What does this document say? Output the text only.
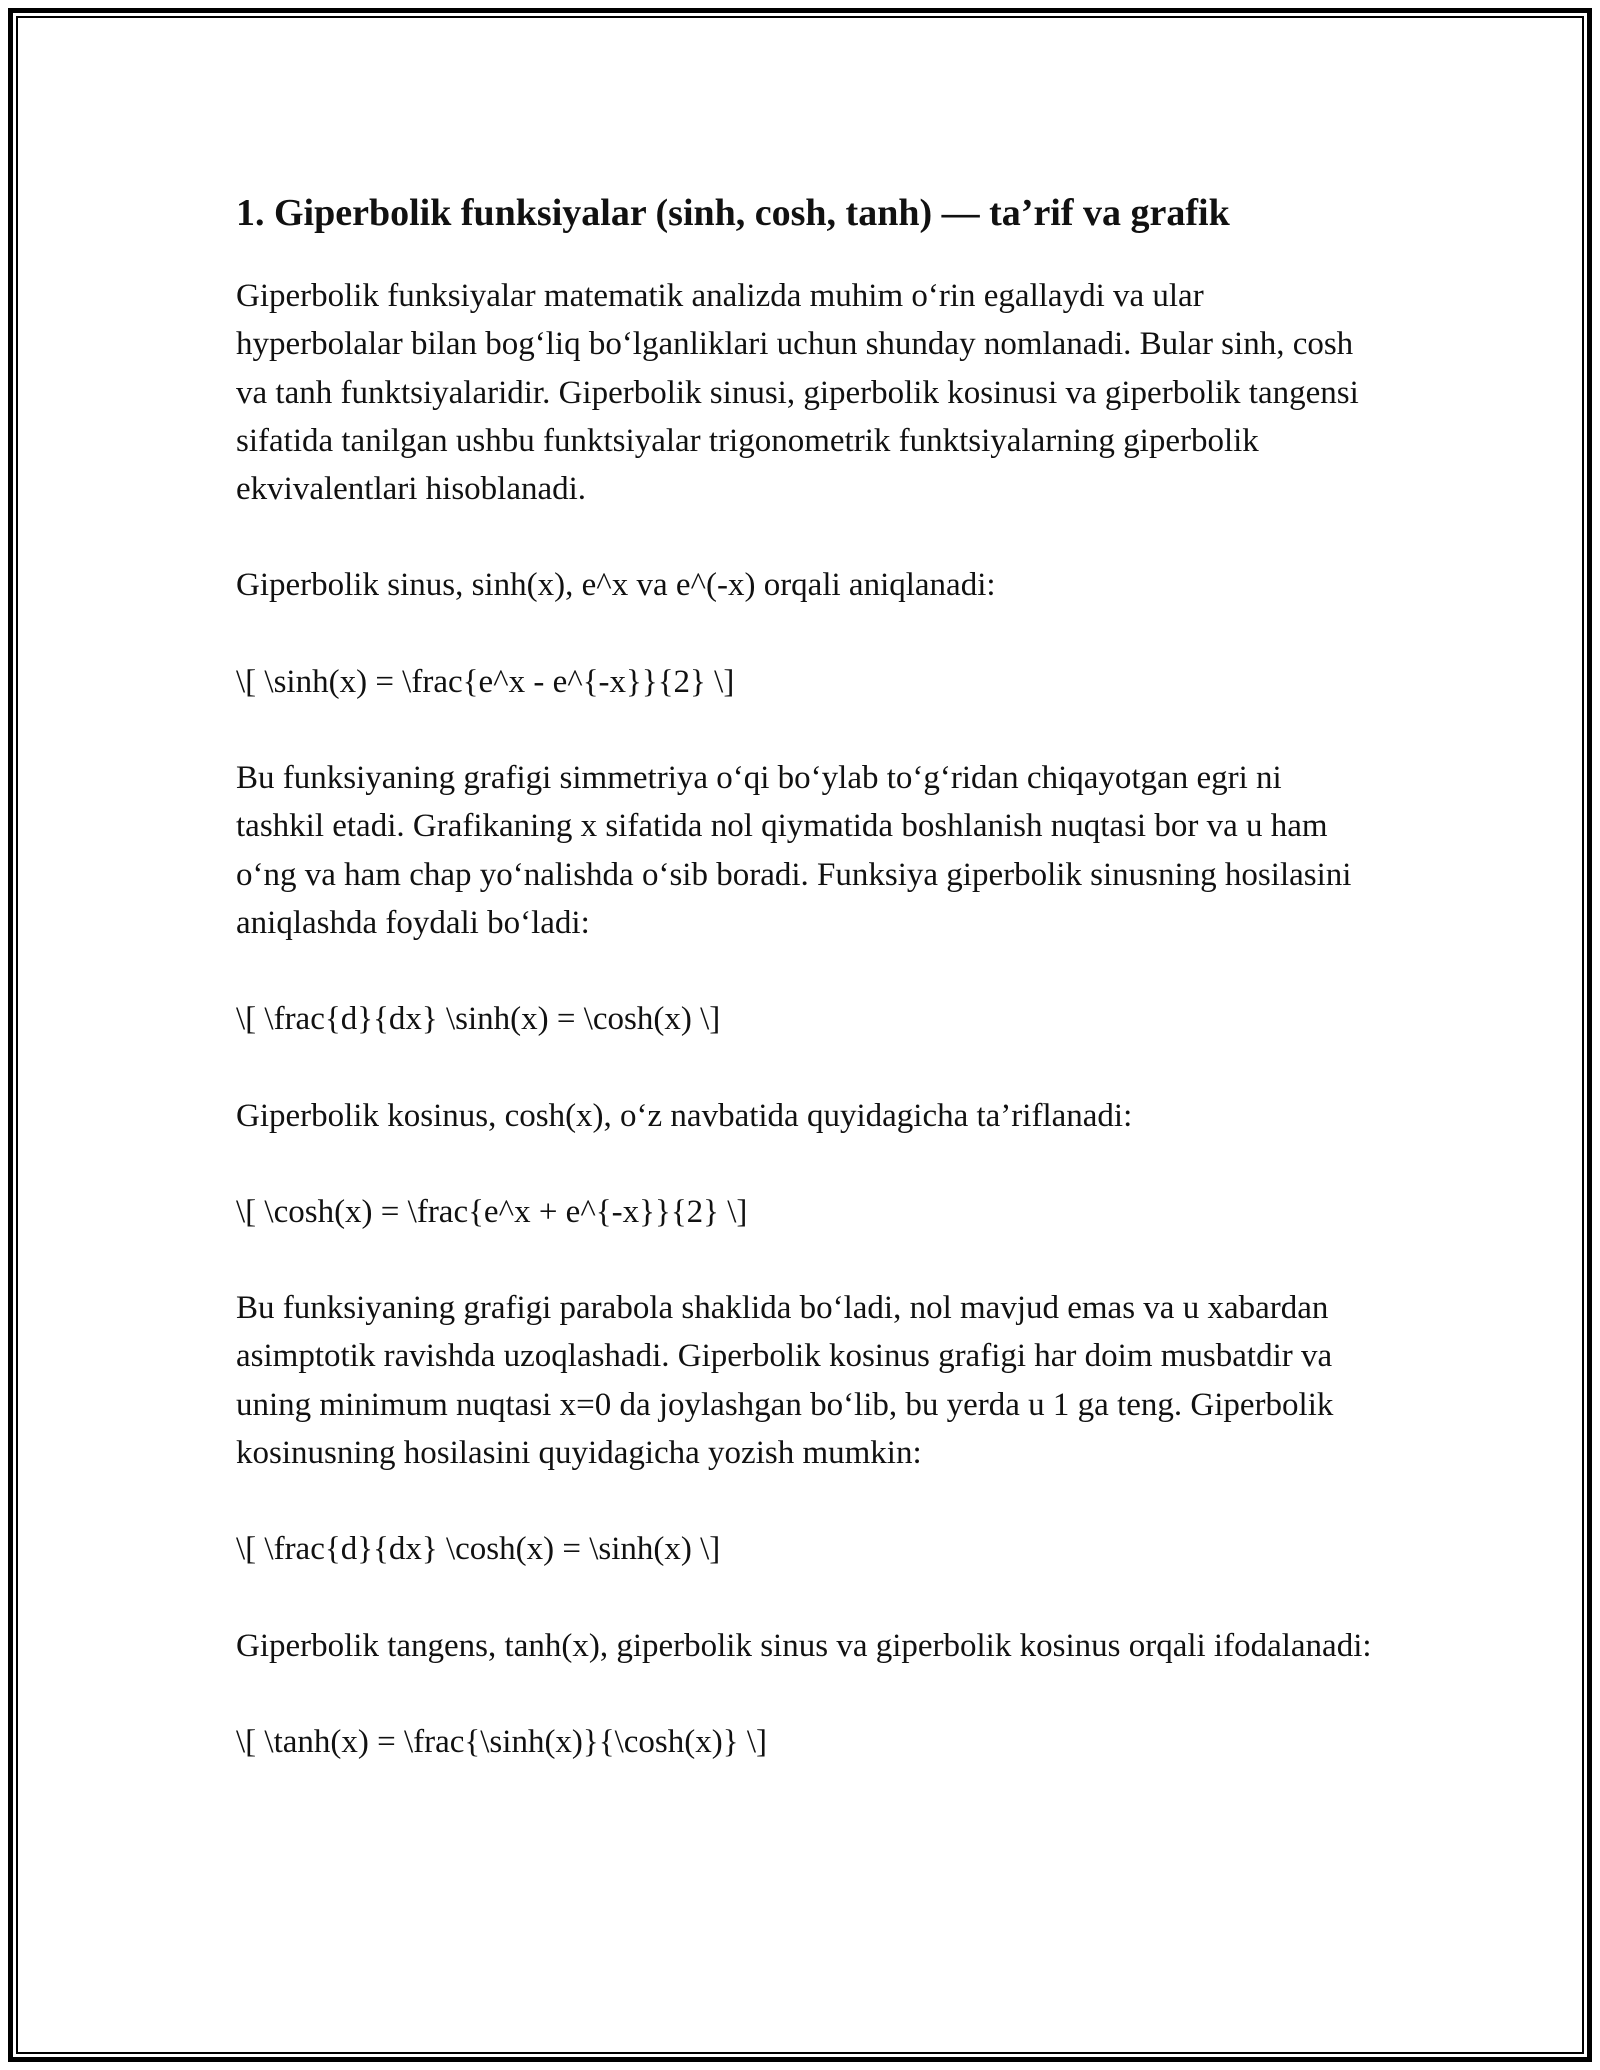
1. Giperbolik funksiyalar (sinh, cosh, tanh) — ta’rif va grafik

Giperbolik funksiyalar matematik analizda muhim o‘rin egallaydi va ular hyperbolalar bilan bog‘liq bo‘lganliklari uchun shunday nomlanadi. Bular sinh, cosh va tanh funktsiyalaridir. Giperbolik sinusi, giperbolik kosinusi va giperbolik tangensi sifatida tanilgan ushbu funktsiyalar trigonometrik funktsiyalarning giperbolik ekvivalentlari hisoblanadi.

Giperbolik sinus, sinh(x), e^x va e^(-x) orqali aniqlanadi:

\[ \sinh(x) = \frac{e^x - e^{-x}}{2} \]

Bu funksiyaning grafigi simmetriya o‘qi bo‘ylab to‘g‘ridan chiqayotgan egri ni tashkil etadi. Grafikaning x sifatida nol qiymatida boshlanish nuqtasi bor va u ham o‘ng va ham chap yo‘nalishda o‘sib boradi. Funksiya giperbolik sinusning hosilasini aniqlashda foydali bo‘ladi:

\[ \frac{d}{dx} \sinh(x) = \cosh(x) \]

Giperbolik kosinus, cosh(x), o‘z navbatida quyidagicha ta’riflanadi:

\[ \cosh(x) = \frac{e^x + e^{-x}}{2} \]

Bu funksiyaning grafigi parabola shaklida bo‘ladi, nol mavjud emas va u xabardan asimptotik ravishda uzoqlashadi. Giperbolik kosinus grafigi har doim musbatdir va uning minimum nuqtasi x=0 da joylashgan bo‘lib, bu yerda u 1 ga teng. Giperbolik kosinusning hosilasini quyidagicha yozish mumkin:

\[ \frac{d}{dx} \cosh(x) = \sinh(x) \]

Giperbolik tangens, tanh(x), giperbolik sinus va giperbolik kosinus orqali ifodalanadi:

\[ \tanh(x) = \frac{\sinh(x)}{\cosh(x)} \]
